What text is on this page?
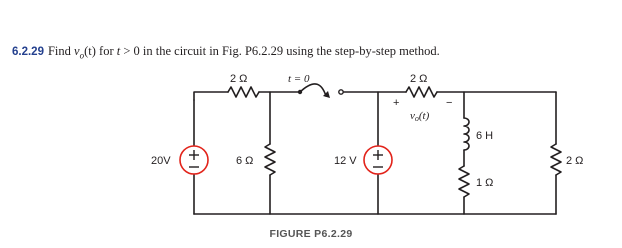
6.2.29 Find $v_o(t)$ for t > 0 in the circuit in Fig. P6.2.29 using the step-by-step method.
20V
2 Ω	t = 0
6 Ω	12 V
2 Ω
+	−
vo(t)
6 H
1 Ω
2 Ω
FIGURE P6.2.29
